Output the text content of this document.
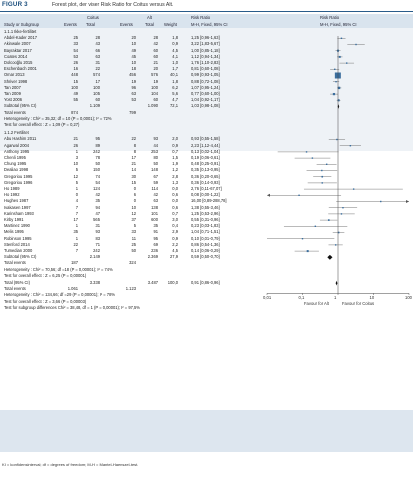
FIGUR 3	Forest plot, der viser Risk Ratio for Coitus versus Alt.
Coitus	Alt	Risk Ratio	Risk Ratio
Study or Subgroup	Events Total	Events	Total Weight	M-H, Fixed, 95% CI	M-H, Fixed, 95% CI
1.1.1 Ikke-fertilitet
Abdel-Kader 2017	25	28	20	28	1,8	1,25 [0,96-1,63]
Akinwale 2007	33	43	10	42	0,9	3,22 [1,83-5,67]
Bayraktar 2017	54	66	49	60	4,5	1,00 [0,85-1,18]
Coates 2014	53	63	45	60	4,1	1,12 [0,94-1,34]
Dolcooğlu 2015	26	31	10	21	1,0	1,76 [1,10-2,83]
Eschenbach 2001	16	22	18	20	1,7	0,81 [0,60-1,08]
Omar 2013	448	574	456	576	40,1	0,99 [0,93-1,05]
Shriver 1998	15	17	19	19	1,8	0,88 [0,72-1,08]
Tan 2007	100	100	96	100	6,2	1,07 [0,95-1,24]
Tan 2009	49	105	63	104	5,6	0,77 [0,60-1,00]
Yost 2006	55	60	53	60	4,7	1,04 [0,92-1,17]
Subtotal (95% CI)	1.109	1.090	72,1	1,03 [0,98-1,08]
Total events	874	799
Heterogeneity : Chi² = 35,32; df = 10 (P = 0,0001); I² = 72%
Test for overall effect : Z = 1,09 (P = 0,27)
1.1.2 Fertilitet
Abu Hashim 2011	21	95	22	93	2,0	0,93 [0,55-1,58]
Agarwal 2004	26	89	8	44	0,9	2,23 [1,12-4,44]
Anthony 1995	1	242	8	253	0,7	0,13 [0,02-1,04]
Chenli 1995	3	78	17	80	1,5	0,19 [0,06-0,61]
Chung 1995	10	50	21	50	1,9	0,48 [0,25-0,91]
Dealiao 1998	5	150	14	148	1,2	0,35 [0,13-0,95]
Gregoriou 1995	12	74	30	67	2,8	0,36 [0,20-0,65]
Gregoriou 1996	5	54	15	59	1,3	0,36 [0,14-0,93]
Ho 1989	1	124	0	114	0,0	2,76 [0,11-67,07]
Ho 1992	0	42	6	42	0,6	0,08 [0,00-1,22]
Hughes 1987	4	35	0	63	0,0	16,00 [0,89-288,78]
Ivakasen 1997	7	94	10	138	0,6	1,38 [0,55-3,46]
Karinsham 1993	7	47	12	101	0,7	1,25 [0,53-2,96]
Kirby 1991	17	565	37	600	3,0	0,55 [0,31-0,96]
Martinez 1990	1	31	5	35	0,4	0,23 [0,03-1,83]
Melis 1995	35	93	33	91	2,9	1,04 [0,71-1,51]
Robinson 1995	1	83	11	95	0,9	0,10 [0,01-0,79]
Stenford 2014	22	71	25	69	2,2	0,86 [0,54-1,36]
Tumedian 2000	7	242	50	236	4,5	0,14 [0,06-0,29]
Subtotal (95% CI)	2.149	2.369	27,9	0,59 [0,50-0,70]
Total events	187	324
Heterogeneity : Chi² = 70,56; df =18 (P = 0,00001); I² = 74%
Test for overall effect : Z = 6,25 (P = 0,00001)
Total (95% CI)	3.338	3.487	100,0	0,91 [0,86-0,96]
Total events	1.061	1.123
Heterogeneity : Chi² = 134,66; df =29 (P = 0,00001); I² = 78%
Test for overall effect : Z = 3,66 (P = 0,00003)
Test for subgroup differences Chi² = 38,48, df = 1 (P = 0,00001); I² = 97,5%
0,01	0,1	1	10	100
Favour for Alt	Favour for Coitus
KI = konfidensinterval; df = degrees of freedom; M-H = Mantel-Haenszel-test.
